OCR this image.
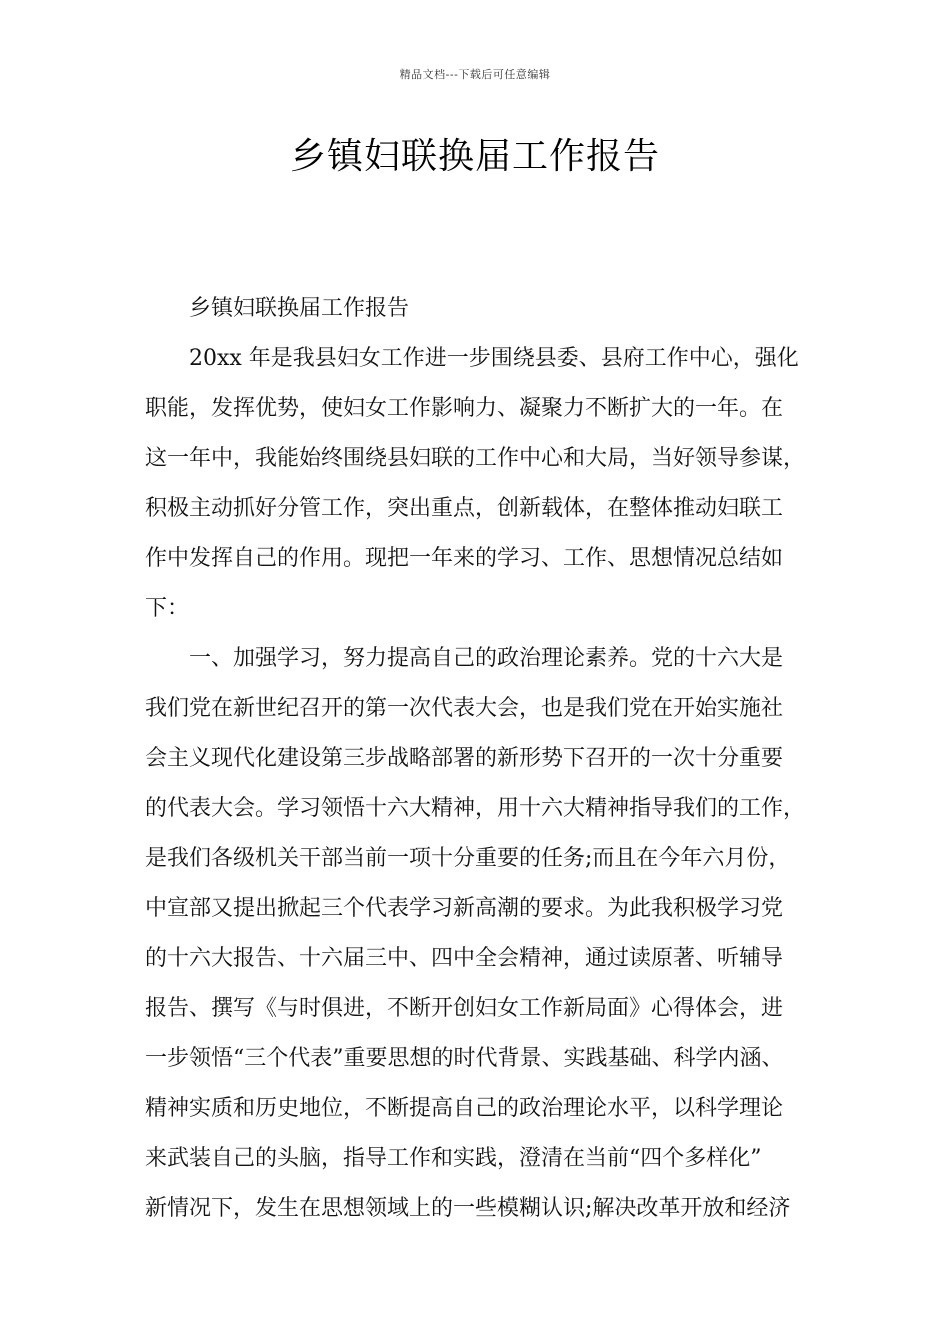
精品文档---下载后可任意编辑
乡镇妇联换届工作报告
乡镇妇联换届工作报告
20xx 年是我县妇女工作进一步围绕县委、县府工作中心，强化
职能，发挥优势，使妇女工作影响力、凝聚力不断扩大的一年。在
这一年中，我能始终围绕县妇联的工作中心和大局，当好领导参谋，
积极主动抓好分管工作，突出重点，创新载体，在整体推动妇联工
作中发挥自己的作用。现把一年来的学习、工作、思想情况总结如
下：
一、加强学习，努力提高自己的政治理论素养。党的十六大是
我们党在新世纪召开的第一次代表大会，也是我们党在开始实施社
会主义现代化建设第三步战略部署的新形势下召开的一次十分重要
的代表大会。学习领悟十六大精神，用十六大精神指导我们的工作，
是我们各级机关干部当前一项十分重要的任务;而且在今年六月份，
中宣部又提出掀起三个代表学习新高潮的要求。为此我积极学习党
的十六大报告、十六届三中、四中全会精神，通过读原著、听辅导
报告、撰写《与时俱进，不断开创妇女工作新局面》心得体会，进
一步领悟“三个代表”重要思想的时代背景、实践基础、科学内涵、
精神实质和历史地位，不断提高自己的政治理论水平，以科学理论
来武装自己的头脑，指导工作和实践，澄清在当前“四个多样化”
新情况下，发生在思想领域上的一些模糊认识;解决改革开放和经济
